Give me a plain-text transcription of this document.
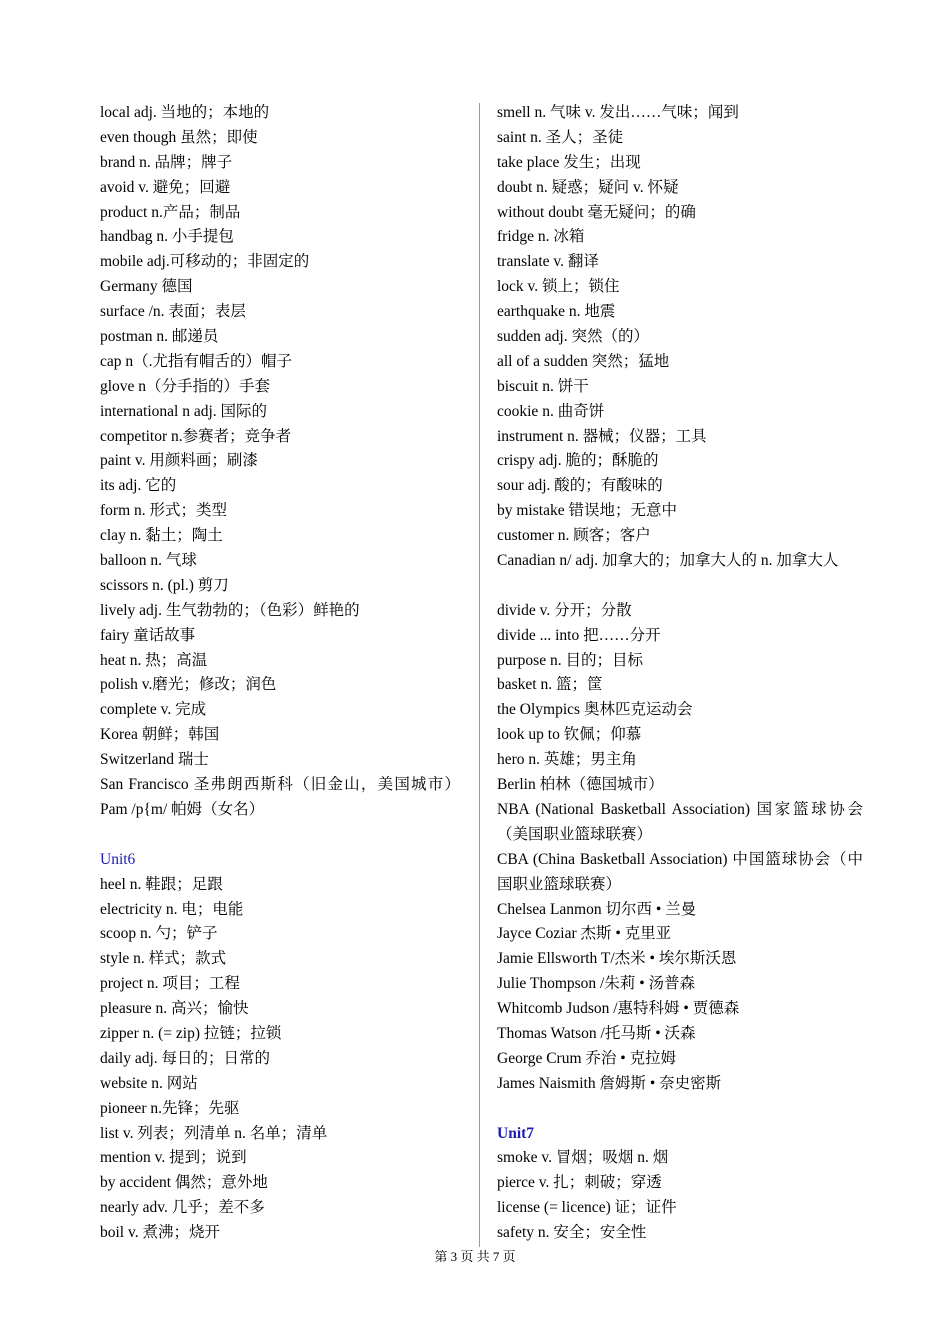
local adj. 当地的；本地的
even though 虽然；即使
brand n. 品牌；牌子
avoid v. 避免；回避
product n.产品；制品
handbag n. 小手提包
mobile adj.可移动的；非固定的
Germany 德国
surface /n. 表面；表层
postman n. 邮递员
cap n（.尤指有帽舌的）帽子
glove n（分手指的）手套
international n adj. 国际的
competitor n.参赛者；竞争者
paint v. 用颜料画；刷漆
its adj. 它的
form n. 形式；类型
clay n. 黏土；陶土
balloon n. 气球
scissors n. (pl.) 剪刀
lively adj. 生气勃勃的；（色彩）鲜艳的
fairy 童话故事
heat n. 热；高温
polish v.磨光；修改；润色
complete v. 完成
Korea 朝鲜；韩国
Switzerland 瑞士
San Francisco 圣弗朗西斯科（旧金山，美国城市）Pam /p{m/ 帕姆（女名）
Unit6
heel n. 鞋跟；足跟
electricity n. 电；电能
scoop n. 勺；铲子
style n. 样式；款式
project n. 项目；工程
pleasure n. 高兴；愉快
zipper n. (= zip) 拉链；拉锁
daily adj. 每日的；日常的
website n. 网站
pioneer n.先锋；先驱
list v. 列表；列清单 n. 名单；清单
mention v. 提到；说到
by accident 偶然；意外地
nearly adv. 几乎；差不多
boil v. 煮沸；烧开
smell n. 气味 v. 发出……气味；闻到
saint n. 圣人；圣徒
take place 发生；出现
doubt n. 疑惑；疑问 v. 怀疑
without doubt 毫无疑问；的确
fridge n. 冰箱
translate v. 翻译
lock v. 锁上；锁住
earthquake n. 地震
sudden adj. 突然（的）
all of a sudden 突然；猛地
biscuit n. 饼干
cookie n. 曲奇饼
instrument n. 器械；仪器；工具
crispy adj. 脆的；酥脆的
sour adj. 酸的；有酸味的
by mistake 错误地；无意中
customer n. 顾客；客户
Canadian n/ adj. 加拿大的；加拿大人的 n. 加拿大人
divide v. 分开；分散
divide ... into 把……分开
purpose n. 目的；目标
basket n. 篮；筐
the Olympics 奥林匹克运动会
look up to 钦佩；仰慕
hero n. 英雄；男主角
Berlin 柏林（德国城市）
NBA (National Basketball Association) 国家篮球协会 （美国职业篮球联赛）
CBA (China Basketball Association) 中国篮球协会（中国职业篮球联赛）
Chelsea Lanmon 切尔西 • 兰曼
Jayce Coziar 杰斯 • 克里亚
Jamie Ellsworth T/杰米 • 埃尔斯沃恩
Julie Thompson /朱莉 • 汤普森
Whitcomb Judson /惠特科姆 • 贾德森
Thomas Watson /托马斯 • 沃森
George Crum 乔治 • 克拉姆
James Naismith 詹姆斯 • 奈史密斯
Unit7
smoke v. 冒烟；吸烟 n. 烟
pierce v. 扎；刺破；穿透
license (= licence) 证；证件
safety n. 安全；安全性
第 3 页 共 7 页
